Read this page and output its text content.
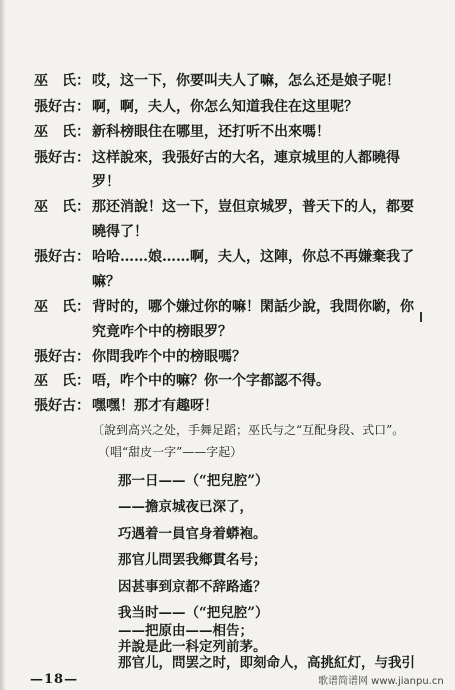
巫　氏： 哎，这一下，你要叫夫人了嘛，怎么还是娘子呢！
張好古： 啊，啊，夫人，你怎么知道我住在这里呢？
巫　氏： 新科榜眼住在哪里，还打听不出來嗎！
張好古： 这样說來，我張好古的大名，連京城里的人都曉得
罗！
巫　氏： 那还消說！这一下，豈但京城罗，普天下的人，都要
曉得了！
張好古： 哈哈……娘……啊，夫人，这陣，你总不再嫌棄我了
嘛？
巫　氏： 背时的，哪个嫌过你的嘛！閑話少說，我問你喲，你
究竟咋个中的榜眼罗？
張好古： 你問我咋个中的榜眼嗎？
巫　氏： 唔，咋个中的嘛？你一个字都認不得。
張好古： 嘿嘿！那才有趣呀！
〔說到高兴之处，手舞足蹈；巫氏与之“互配身段、式口”。
（唱“甜皮一字”——字起）
那一日——（“把兒腔”）
——擔京城夜已深了，
巧遇着一員官身着蟒袍。
那官儿問罢我鄉貫名号；
因甚事到京都不辞路遙？
我当时——（“把兒腔”）
——把原由——相告；
并說是此一科定列前茅。
那官儿，問罢之时，即刻命人，高挑紅灯，与我引
—18—	歌谱简谱网 www.jianpu.cn
